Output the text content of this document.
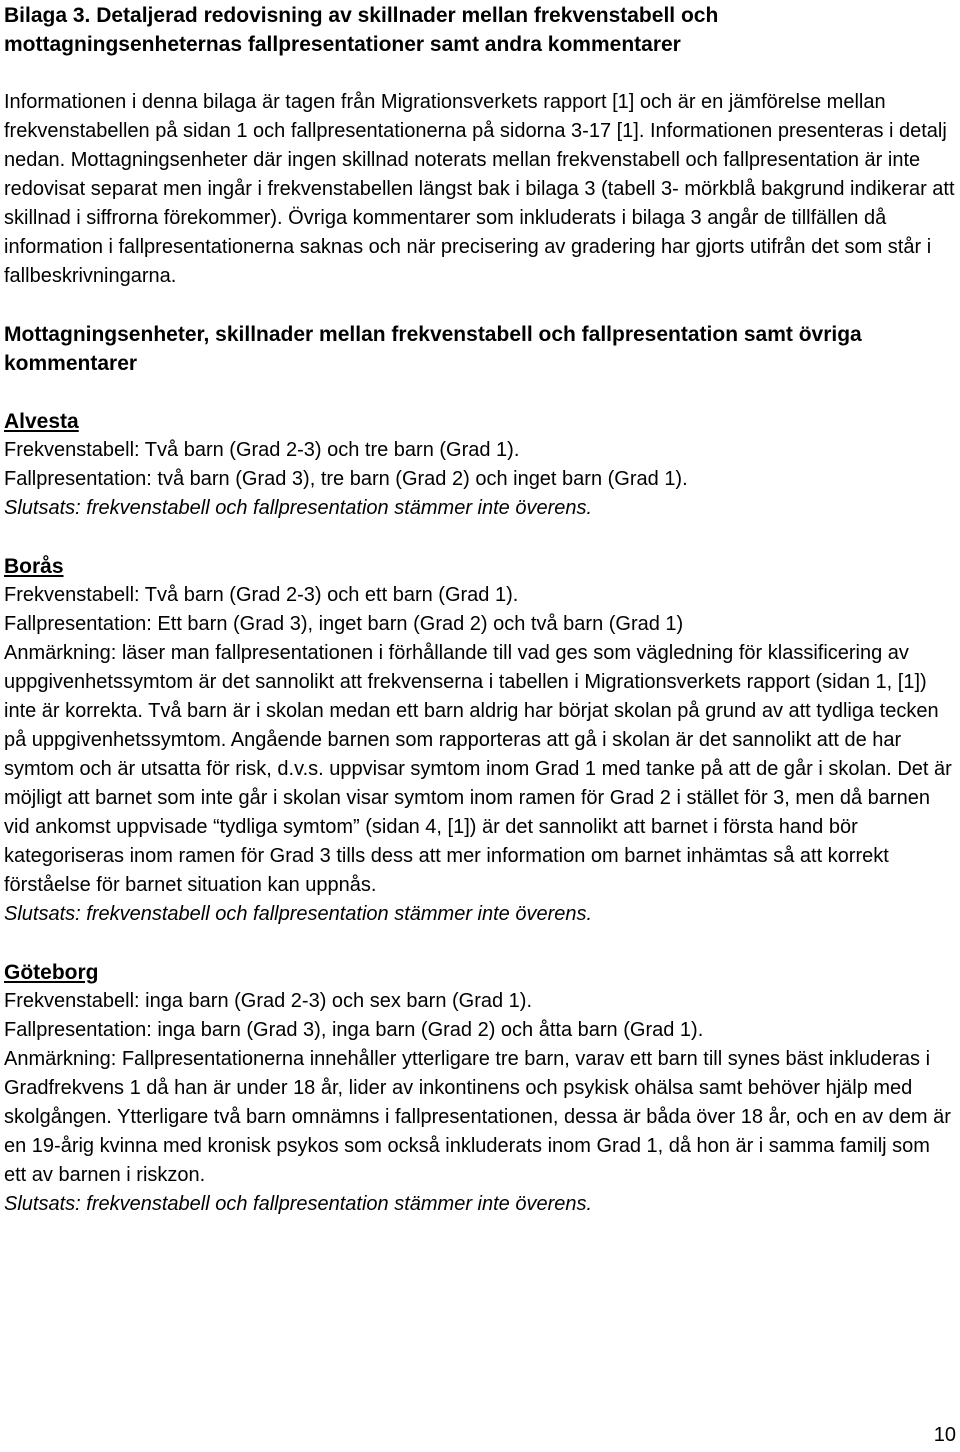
Bilaga 3. Detaljerad redovisning av skillnader mellan frekvenstabell och mottagningsenheternas fallpresentationer samt andra kommentarer

Informationen i denna bilaga är tagen från Migrationsverkets rapport [1] och är en jämförelse mellan frekvenstabellen på sidan 1 och fallpresentationerna på sidorna 3-17 [1]. Informationen presenteras i detalj nedan. Mottagningsenheter där ingen skillnad noterats mellan frekvenstabell och fallpresentation är inte redovisat separat men ingår i frekvenstabellen längst bak i bilaga 3 (tabell 3- mörkblå bakgrund indikerar att skillnad i siffrorna förekommer). Övriga kommentarer som inkluderats i bilaga 3 angår de tillfällen då information i fallpresentationerna saknas och när precisering av gradering har gjorts utifrån det som står i fallbeskrivningarna.

Mottagningsenheter, skillnader mellan frekvenstabell och fallpresentation samt övriga kommentarer
Alvesta
Frekvenstabell: Två barn (Grad 2-3) och tre barn (Grad 1).
Fallpresentation: två barn (Grad 3), tre barn (Grad 2) och inget barn (Grad 1).
Slutsats: frekvenstabell och fallpresentation stämmer inte överens.
Borås
Frekvenstabell: Två barn (Grad 2-3) och ett barn (Grad 1).
Fallpresentation: Ett barn (Grad 3), inget barn (Grad 2) och två barn (Grad 1)
Anmärkning: läser man fallpresentationen i förhållande till vad ges som vägledning för klassificering av uppgivenhetssymtom är det sannolikt att frekvenserna i tabellen i Migrationsverkets rapport (sidan 1, [1]) inte är korrekta. Två barn är i skolan medan ett barn aldrig har börjat skolan på grund av att tydliga tecken på uppgivenhetssymtom. Angående barnen som rapporteras att gå i skolan är det sannolikt att de har symtom och är utsatta för risk, d.v.s. uppvisar symtom inom Grad 1 med tanke på att de går i skolan. Det är möjligt att barnet som inte går i skolan visar symtom inom ramen för Grad 2 i stället för 3, men då barnen vid ankomst uppvisade “tydliga symtom” (sidan 4, [1]) är det sannolikt att barnet i första hand bör kategoriseras inom ramen för Grad 3 tills dess att mer information om barnet inhämtas så att korrekt förståelse för barnet situation kan uppnås.
Slutsats: frekvenstabell och fallpresentation stämmer inte överens.
Göteborg
Frekvenstabell: inga barn (Grad 2-3) och sex barn (Grad 1).
Fallpresentation: inga barn (Grad 3), inga barn (Grad 2) och åtta barn (Grad 1).
Anmärkning: Fallpresentationerna innehåller ytterligare tre barn, varav ett barn till synes bäst inkluderas i Gradfrekvens 1 då han är under 18 år, lider av inkontinens och psykisk ohälsa samt behöver hjälp med skolgången. Ytterligare två barn omnämns i fallpresentationen, dessa är båda över 18 år, och en av dem är en 19-årig kvinna med kronisk psykos som också inkluderats inom Grad 1, då hon är i samma familj som ett av barnen i riskzon.
Slutsats: frekvenstabell och fallpresentation stämmer inte överens.
10
